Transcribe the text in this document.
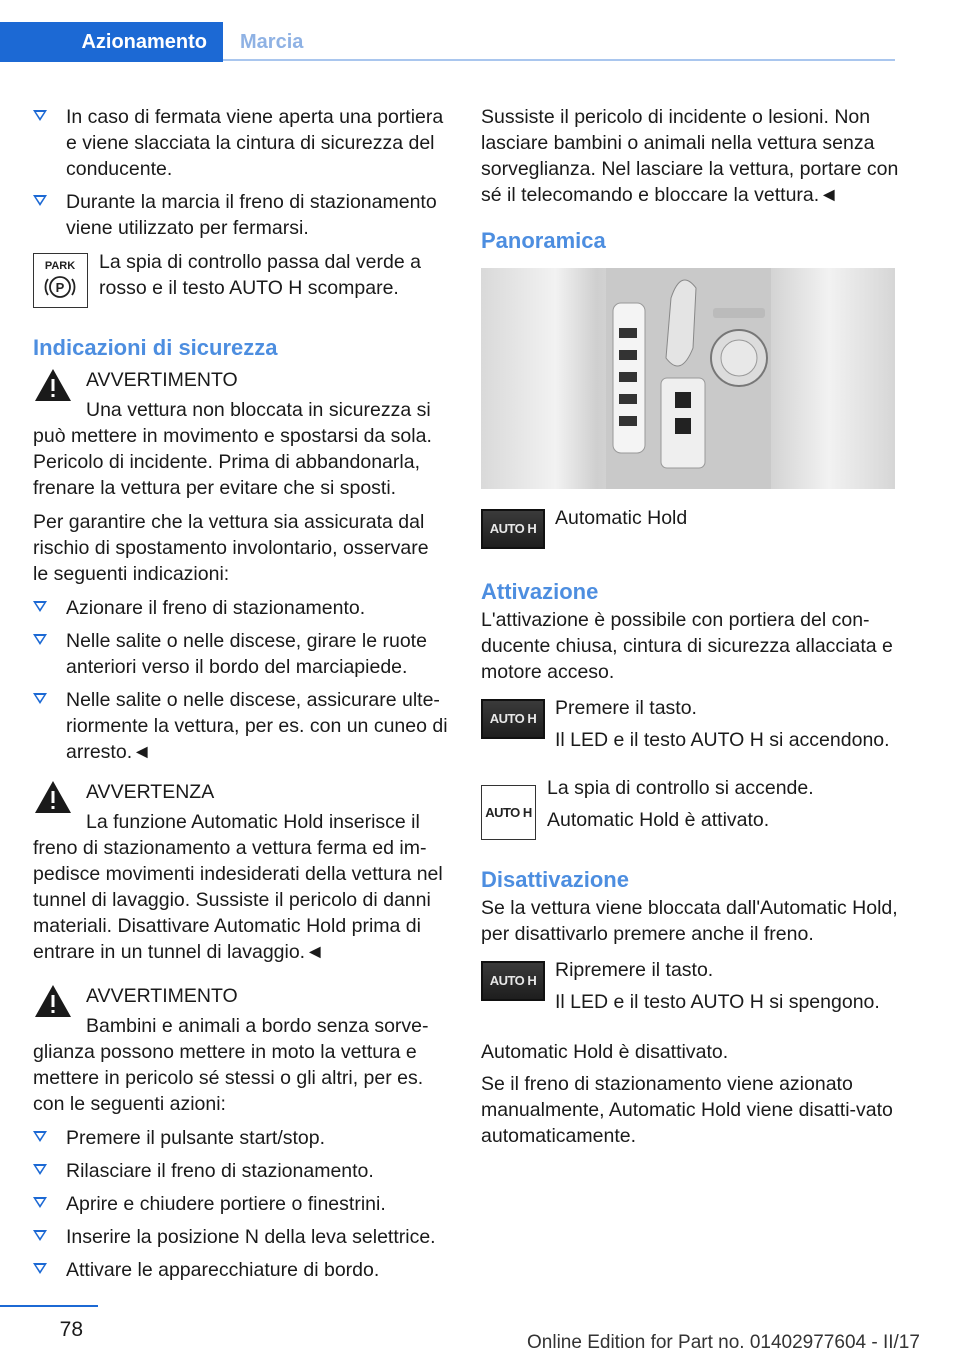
Azionamento	Marcia
In caso di fermata viene aperta una portiera e viene slacciata la cintura di sicurezza del conducente.
Durante la marcia il freno di stazionamento viene utilizzato per fermarsi.
PARK
P

La spia di controllo passa dal verde a rosso e il testo AUTO H scompare.

Indicazioni di sicurezza

AVVERTIMENTO

Una vettura non bloccata in sicurezza si può mettere in movimento e spostarsi da sola. Pericolo di incidente. Prima di abbandonarla, frenare la vettura per evitare che si sposti.

Per garantire che la vettura sia assicurata dal rischio di spostamento involontario, osservare le seguenti indicazioni:

Azionare il freno di stazionamento.
Nelle salite o nelle discese, girare le ruote anteriori verso il bordo del marciapiede.
Nelle salite o nelle discese, assicurare ulte‐riormente la vettura, per es. con un cuneo di arresto.◄

AVVERTENZA

La funzione Automatic Hold inserisce il freno di stazionamento a vettura ferma ed im‐pedisce movimenti indesiderati della vettura nel tunnel di lavaggio. Sussiste il pericolo di danni materiali. Disattivare Automatic Hold prima di entrare in un tunnel di lavaggio.◄

AVVERTIMENTO

Bambini e animali a bordo senza sorve‐glianza possono mettere in moto la vettura e mettere in pericolo sé stessi o gli altri, per es. con le seguenti azioni:

Premere il pulsante start/stop.
Rilasciare il freno di stazionamento.
Aprire e chiudere portiere o finestrini.
Inserire la posizione N della leva selettrice.
Attivare le apparecchiature di bordo.

Sussiste il pericolo di incidente o lesioni. Non lasciare bambini o animali nella vettura senza sorveglianza. Nel lasciare la vettura, portare con sé il telecomando e bloccare la vettura.◄

Panoramica
AUTO H Automatic Hold

Attivazione

L'attivazione è possibile con portiera del con‐ducente chiusa, cintura di sicurezza allacciata e motore acceso.

AUTO H Premere il tasto.

Il LED e il testo AUTO H si accendono.

AUTO H

La spia di controllo si accende.

Automatic Hold è attivato.

Disattivazione

Se la vettura viene bloccata dall'Automatic Hold, per disattivarlo premere anche il freno.

AUTO H Ripremere il tasto.

Il LED e il testo AUTO H si spengono.

Automatic Hold è disattivato.

Se il freno di stazionamento viene azionato manualmente, Automatic Hold viene disatti‐vato automaticamente.

78
Online Edition for Part no. 01402977604 - II/17
